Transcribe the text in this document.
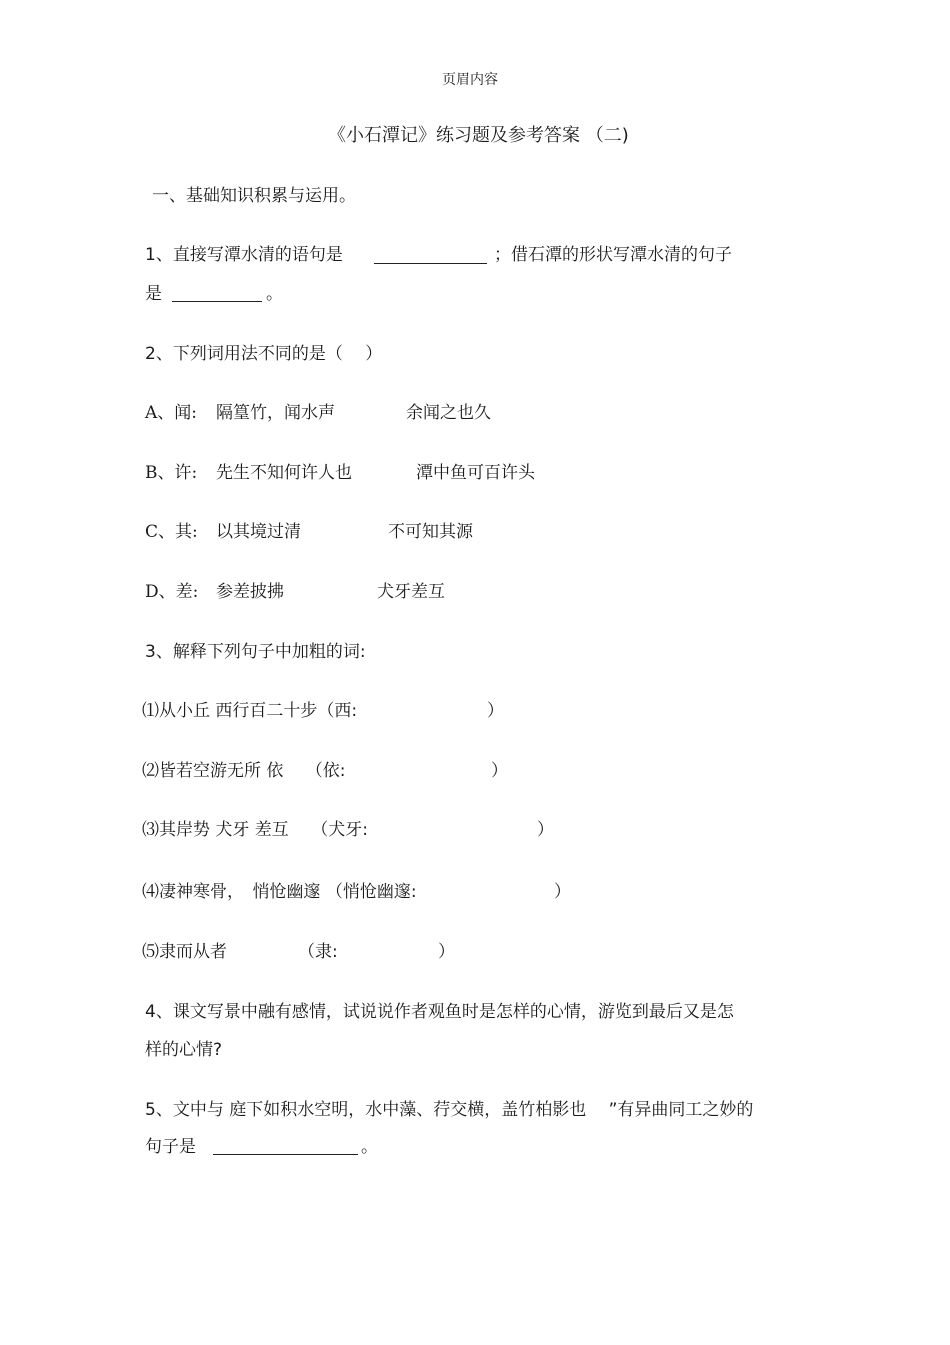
页眉内容
《小石潭记》练习题及参考答案 （二)
一、基础知识积累与运用。
1、直接写潭水清的语句是	；借石潭的形状写潭水清的句子
是	。
2、下列词用法不同的是（　 ）
A、闻: 隔篁竹，闻水声	余闻之也久
B、许: 先生不知何许人也	潭中鱼可百许头
C、其: 以其境过清	不可知其源
D、差: 参差披拂	犬牙差互
3、解释下列句子中加粗的词:
⑴从小丘 西行百二十步（西:	）
⑵皆若空游无所 依　 （依:	）
⑶其岸势 犬牙 差互　 （犬牙:	）
⑷凄神寒骨，　悄怆幽邃 （悄怆幽邃:	）
⑸隶而从者	（隶:	）
4、课文写景中融有感情，试说说作者观鱼时是怎样的心情，游览到最后又是怎
样的心情?
5、文中与 庭下如积水空明，水中藻、荇交横，盖竹柏影也　 ”有异曲同工之妙的
句子是	。
